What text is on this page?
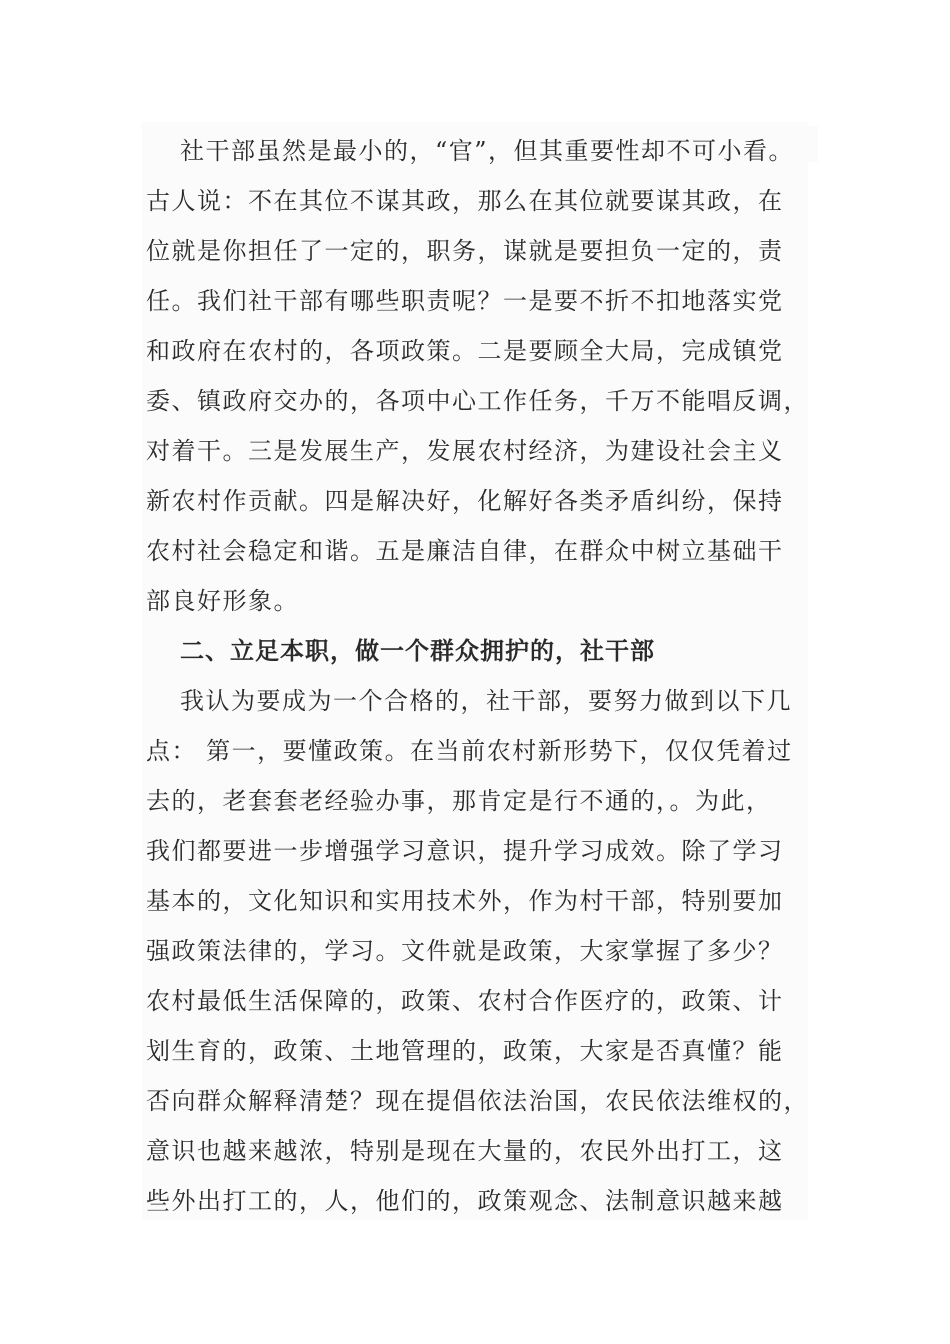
社干部虽然是最小的，“官”，但其重要性却不可小看。
古人说：不在其位不谋其政，那么在其位就要谋其政，在
位就是你担任了一定的，职务，谋就是要担负一定的，责
任。我们社干部有哪些职责呢？一是要不折不扣地落实党
和政府在农村的，各项政策。二是要顾全大局，完成镇党
委、镇政府交办的，各项中心工作任务，千万不能唱反调，
对着干。三是发展生产，发展农村经济，为建设社会主义
新农村作贡献。四是解决好，化解好各类矛盾纠纷，保持
农村社会稳定和谐。五是廉洁自律，在群众中树立基础干
部良好形象。
二、立足本职，做一个群众拥护的，社干部
我认为要成为一个合格的，社干部，要努力做到以下几
点： 第一，要懂政策。在当前农村新形势下，仅仅凭着过
去的，老套套老经验办事，那肯定是行不通的，。为此，
我们都要进一步增强学习意识，提升学习成效。除了学习
基本的，文化知识和实用技术外，作为村干部，特别要加
强政策法律的，学习。文件就是政策，大家掌握了多少？
农村最低生活保障的，政策、农村合作医疗的，政策、计
划生育的，政策、土地管理的，政策，大家是否真懂？能
否向群众解释清楚？现在提倡依法治国，农民依法维权的，
意识也越来越浓，特别是现在大量的，农民外出打工，这
些外出打工的，人，他们的，政策观念、法制意识越来越
